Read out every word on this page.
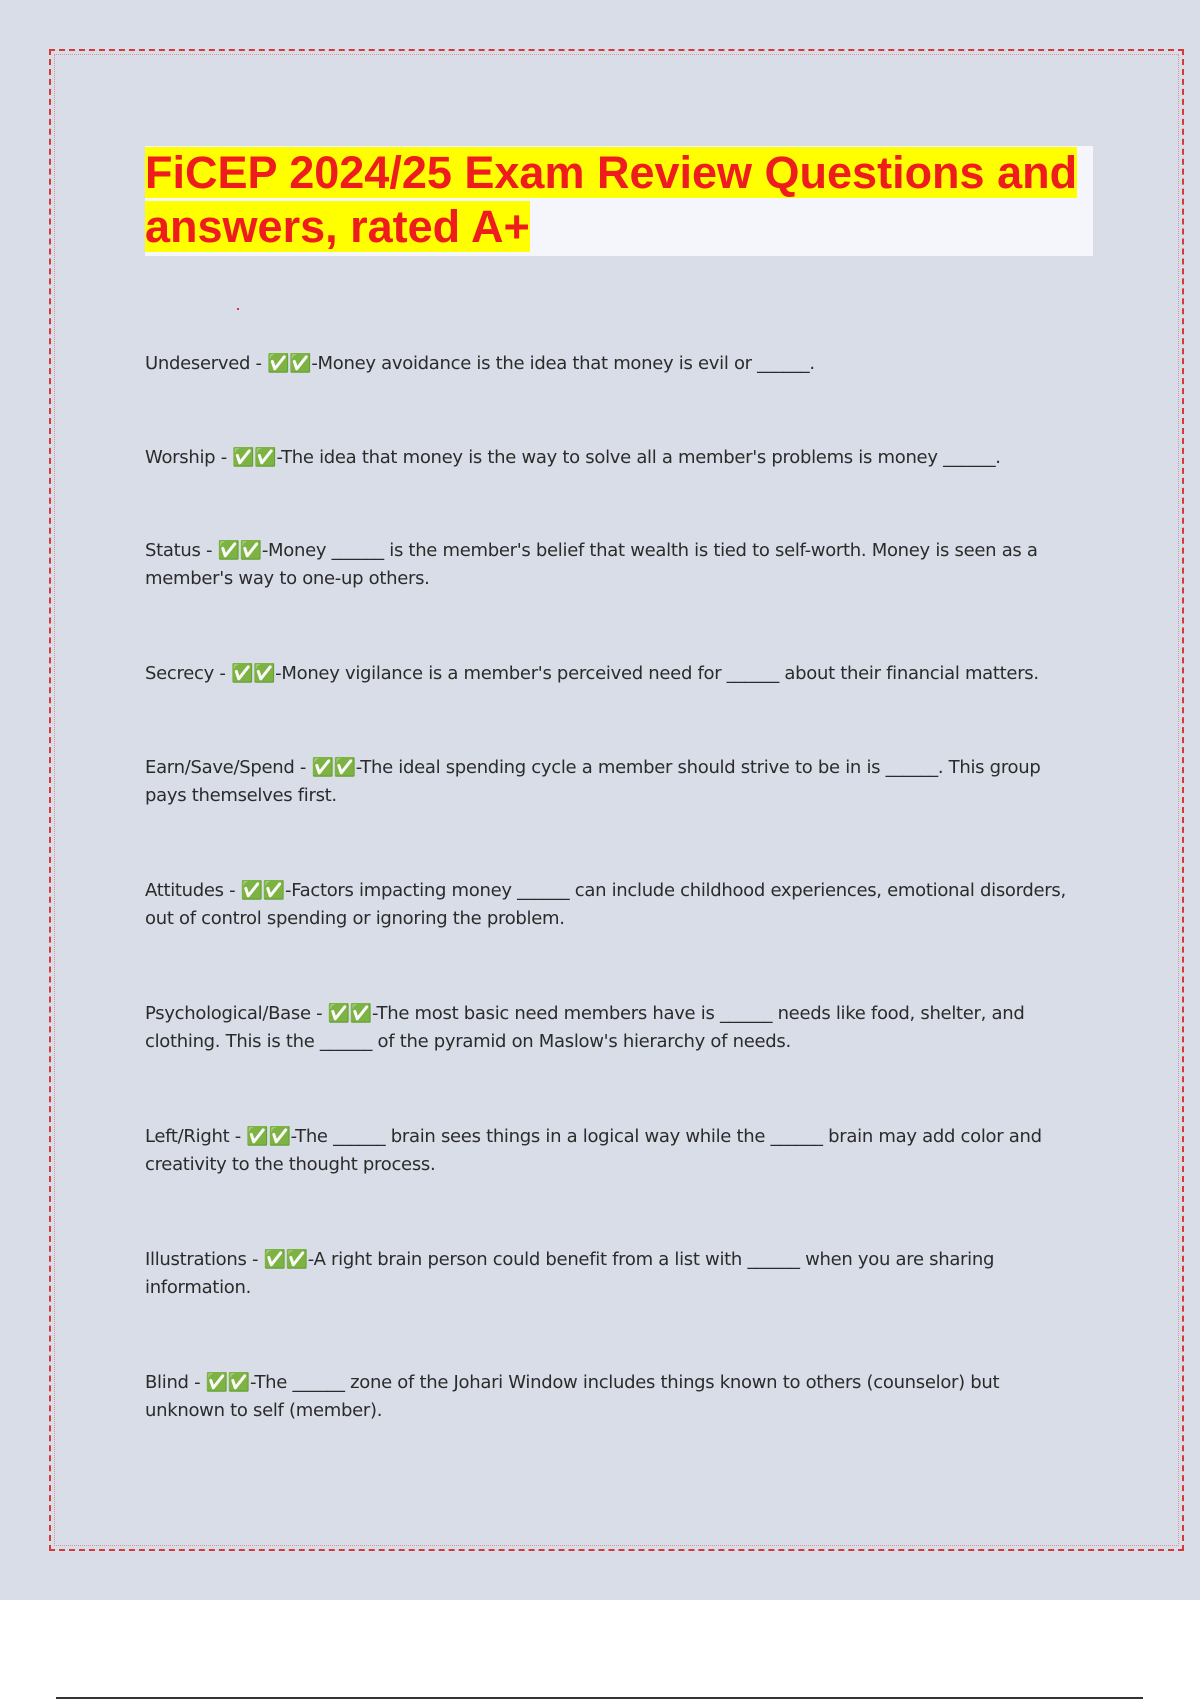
FiCEP 2024/25 Exam Review Questions and answers, rated A+

Undeserved - ✅✅-Money avoidance is the idea that money is evil or ______.

Worship - ✅✅-The idea that money is the way to solve all a member's problems is money ______.

Status - ✅✅-Money ______ is the member's belief that wealth is tied to self-worth. Money is seen as a member's way to one-up others.

Secrecy - ✅✅-Money vigilance is a member's perceived need for ______ about their financial matters.

Earn/Save/Spend - ✅✅-The ideal spending cycle a member should strive to be in is ______. This group pays themselves first.

Attitudes - ✅✅-Factors impacting money ______ can include childhood experiences, emotional disorders, out of control spending or ignoring the problem.

Psychological/Base - ✅✅-The most basic need members have is ______ needs like food, shelter, and clothing. This is the ______ of the pyramid on Maslow's hierarchy of needs.

Left/Right - ✅✅-The ______ brain sees things in a logical way while the ______ brain may add color and creativity to the thought process.

Illustrations - ✅✅-A right brain person could benefit from a list with ______ when you are sharing information.

Blind - ✅✅-The ______ zone of the Johari Window includes things known to others (counselor) but unknown to self (member).
